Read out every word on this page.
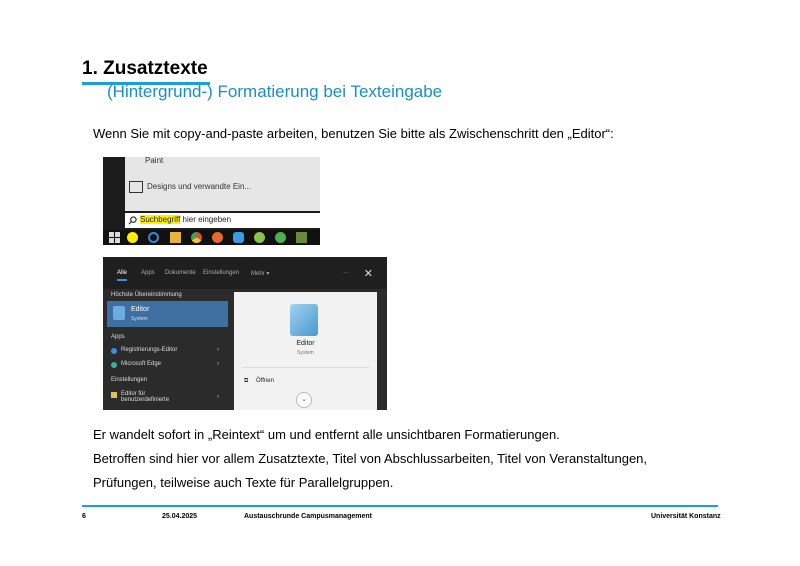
1. Zusatztexte
(Hintergrund-) Formatierung bei Texteingabe
Wenn Sie mit copy-and-paste arbeiten, benutzen Sie bitte als Zwischenschritt den „Editor“:
Paint
Designs und verwandte Ein...
Suchbegriff hier eingeben
Alle Apps Dokumente Einstellungen Mehr ▾	··· ✕
Höchste Übereinstimmung
Editor
System
Apps
Registrierungs-Editor	›
Microsoft Edge	›
Einstellungen
Editor für
benutzerdefinierte	›
Editor
System
⧉ Öffnen
⌄
Er wandelt sofort in „Reintext“ um und entfernt alle unsichtbaren Formatierungen.
Betroffen sind hier vor allem Zusatztexte, Titel von Abschlussarbeiten, Titel von Veranstaltungen,
Prüfungen, teilweise auch Texte für Parallelgruppen.
6	25.04.2025	Austauschrunde Campusmanagement	Universität Konstanz
